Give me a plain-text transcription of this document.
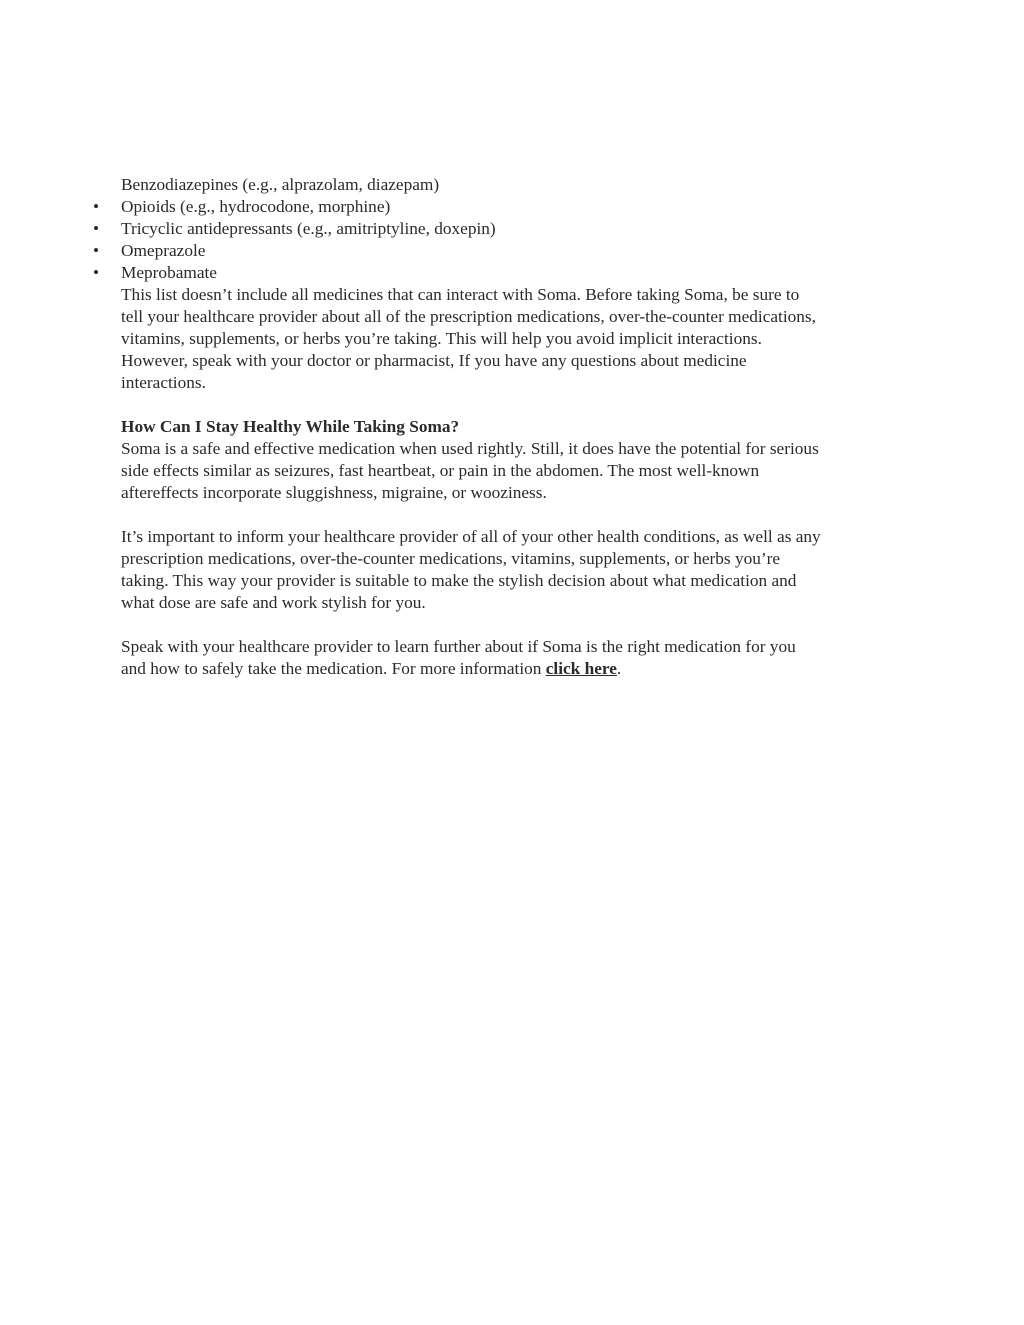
Benzodiazepines (e.g., alprazolam, diazepam)
• Opioids (e.g., hydrocodone, morphine)
• Tricyclic antidepressants (e.g., amitriptyline, doxepin)
• Omeprazole
• Meprobamate
This list doesn’t include all medicines that can interact with Soma. Before taking Soma, be sure to
tell your healthcare provider about all of the prescription medications, over-the-counter medications,
vitamins, supplements, or herbs you’re taking. This will help you avoid implicit interactions.
However, speak with your doctor or pharmacist, If you have any questions about medicine
interactions.
How Can I Stay Healthy While Taking Soma?
Soma is a safe and effective medication when used rightly. Still, it does have the potential for serious
side effects similar as seizures, fast heartbeat, or pain in the abdomen. The most well-known
aftereffects incorporate sluggishness, migraine, or wooziness.
It’s important to inform your healthcare provider of all of your other health conditions, as well as any
prescription medications, over-the-counter medications, vitamins, supplements, or herbs you’re
taking. This way your provider is suitable to make the stylish decision about what medication and
what dose are safe and work stylish for you.
Speak with your healthcare provider to learn further about if Soma is the right medication for you
and how to safely take the medication. For more information click here.
